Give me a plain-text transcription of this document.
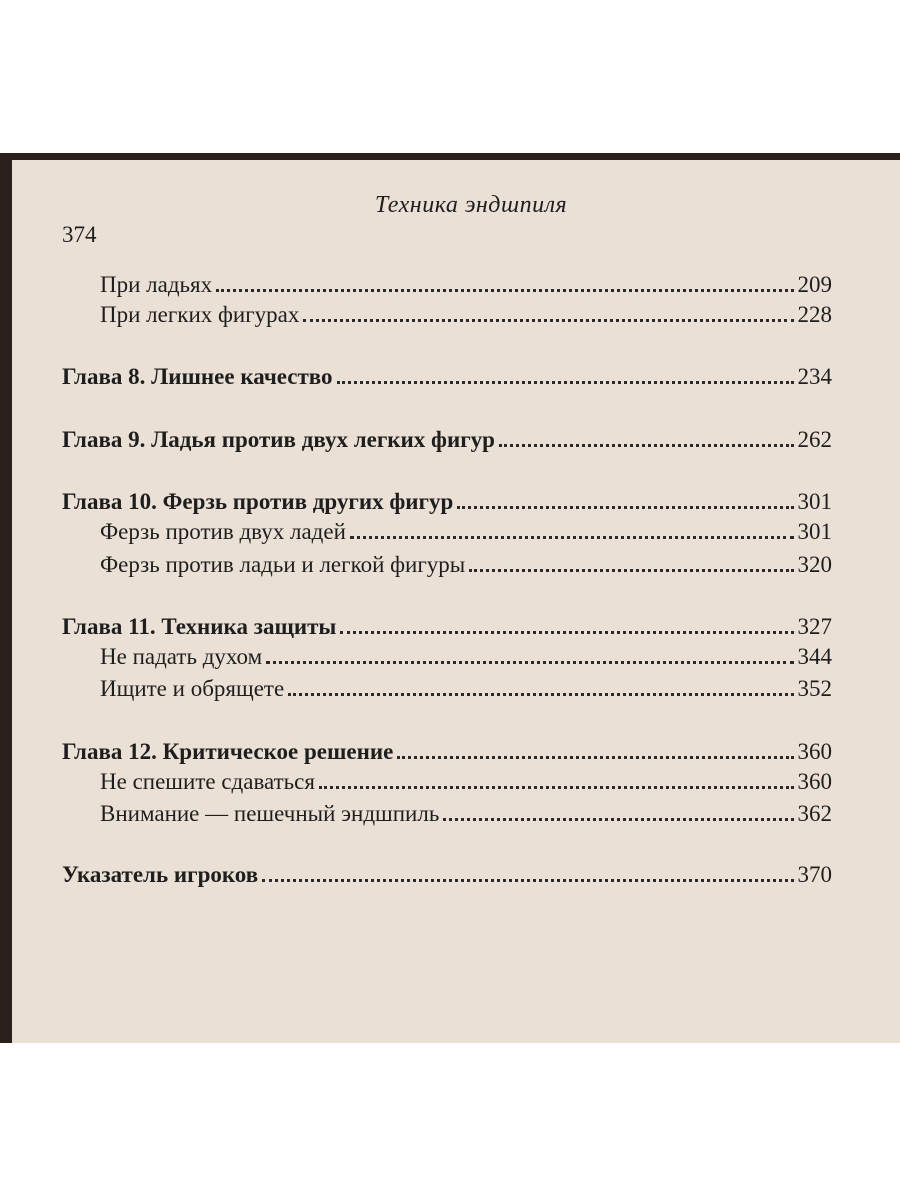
Техника эндшпиля
374
При ладьях	209
При легких фигурах	228
Глава 8. Лишнее качество	234
Глава 9. Ладья против двух легких фигур	262
Глава 10. Ферзь против других фигур	301
Ферзь против двух ладей	301
Ферзь против ладьи и легкой фигуры	320
Глава 11. Техника защиты	327
Не падать духом	344
Ищите и обрящете	352
Глава 12. Критическое решение	360
Не спешите сдаваться	360
Внимание — пешечный эндшпиль	362
Указатель игроков	370
